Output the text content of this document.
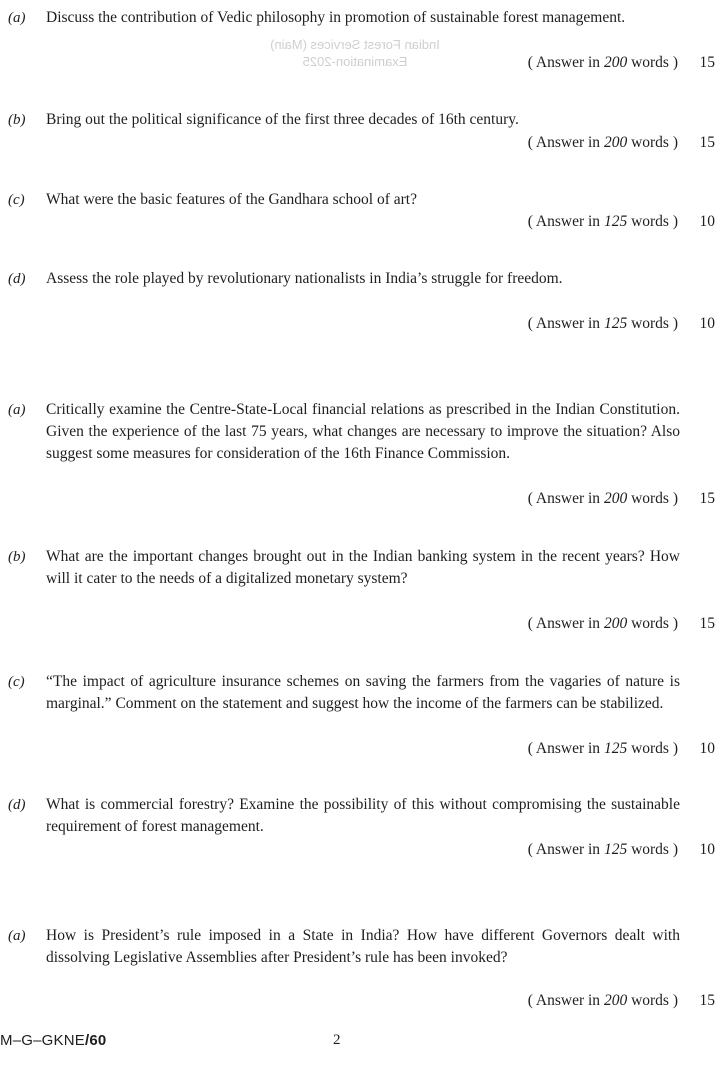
Indian Forest Services (Main)
Examination-2025
(a) Discuss the contribution of Vedic philosophy in promotion of sustainable forest management.
( Answer in 200 words ) 15
(b) Bring out the political significance of the first three decades of 16th century.
( Answer in 200 words ) 15
(c) What were the basic features of the Gandhara school of art?
( Answer in 125 words ) 10
(d) Assess the role played by revolutionary nationalists in India’s struggle for freedom.
( Answer in 125 words ) 10
(a) Critically examine the Centre-State-Local financial relations as prescribed in the Indian Constitution. Given the experience of the last 75 years, what changes are necessary to improve the situation? Also suggest some measures for consideration of the 16th Finance Commission.
( Answer in 200 words ) 15
(b) What are the important changes brought out in the Indian banking system in the recent years? How will it cater to the needs of a digitalized monetary system?
( Answer in 200 words ) 15
(c) “The impact of agriculture insurance schemes on saving the farmers from the vagaries of nature is marginal.” Comment on the statement and suggest how the income of the farmers can be stabilized.
( Answer in 125 words ) 10
(d) What is commercial forestry? Examine the possibility of this without compromising the sustainable requirement of forest management.
( Answer in 125 words ) 10
(a) How is President’s rule imposed in a State in India? How have different Governors dealt with dissolving Legislative Assemblies after President’s rule has been invoked?
( Answer in 200 words ) 15
M–G–GKNE/60	2
